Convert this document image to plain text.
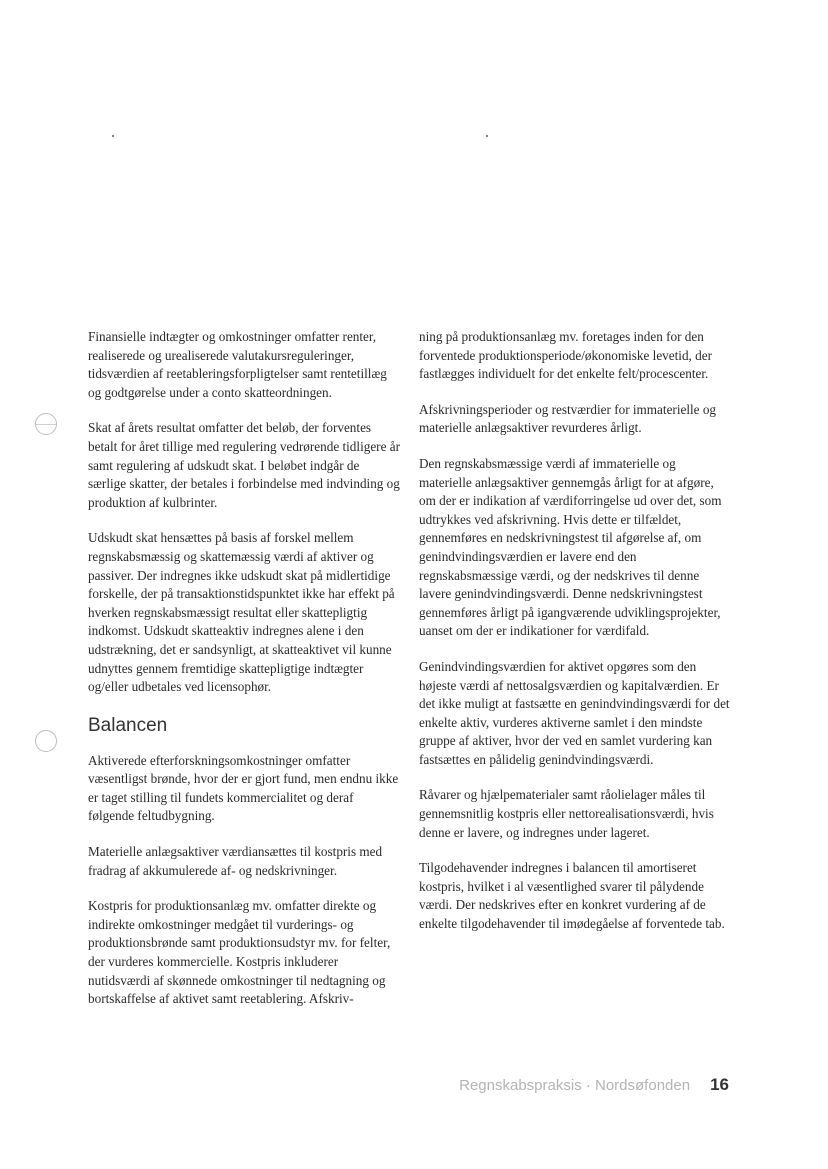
Finansielle indtægter og omkostninger omfatter renter, realiserede og urealiserede valutakursreguleringer, tidsværdien af reetableringsforpligtelser samt rentetillæg og godtgørelse under a conto skatteordningen.

Skat af årets resultat omfatter det beløb, der forventes betalt for året tillige med regulering vedrørende tidligere år samt regulering af udskudt skat. I beløbet indgår de særlige skatter, der betales i forbindelse med indvinding og produktion af kulbrinter.

Udskudt skat hensættes på basis af forskel mellem regnskabsmæssig og skattemæssig værdi af aktiver og passiver. Der indregnes ikke udskudt skat på midlertidige forskelle, der på transaktionstidspunktet ikke har effekt på hverken regnskabsmæssigt resultat eller skattepligtig indkomst. Udskudt skatteaktiv indregnes alene i den udstrækning, det er sandsynligt, at skatteaktivet vil kunne udnyttes gennem fremtidige skattepligtige indtægter og/eller udbetales ved licensophør.

Balancen

Aktiverede efterforskningsomkostninger omfatter væsentligst brønde, hvor der er gjort fund, men endnu ikke er taget stilling til fundets kommercialitet og deraf følgende feltudbygning.

Materielle anlægsaktiver værdiansættes til kostpris med fradrag af akkumulerede af- og nedskrivninger.

Kostpris for produktionsanlæg mv. omfatter direkte og indirekte omkostninger medgået til vurderings- og produktionsbrønde samt produktionsudstyr mv. for felter, der vurderes kommercielle. Kostpris inkluderer nutidsværdi af skønnede omkostninger til nedtagning og bortskaffelse af aktivet samt reetablering. Afskriv-

ning på produktionsanlæg mv. foretages inden for den forventede produktionsperiode/økonomiske levetid, der fastlægges individuelt for det enkelte felt/procescenter.

Afskrivningsperioder og restværdier for immaterielle og materielle anlægsaktiver revurderes årligt.

Den regnskabsmæssige værdi af immaterielle og materielle anlægsaktiver gennemgås årligt for at afgøre, om der er indikation af værdiforringelse ud over det, som udtrykkes ved afskrivning. Hvis dette er tilfældet, gennemføres en nedskrivningstest til afgørelse af, om genindvindingsværdien er lavere end den regnskabsmæssige værdi, og der nedskrives til denne lavere genindvindingsværdi. Denne nedskrivningstest gennemføres årligt på igangværende udviklingsprojekter, uanset om der er indikationer for værdifald.

Genindvindingsværdien for aktivet opgøres som den højeste værdi af nettosalgsværdien og kapitalværdien. Er det ikke muligt at fastsætte en genindvindingsværdi for det enkelte aktiv, vurderes aktiverne samlet i den mindste gruppe af aktiver, hvor der ved en samlet vurdering kan fastsættes en pålidelig genindvindingsværdi.

Råvarer og hjælpematerialer samt råolielager måles til gennemsnitlig kostpris eller nettorealisationsværdi, hvis denne er lavere, og indregnes under lageret.

Tilgodehavender indregnes i balancen til amortiseret kostpris, hvilket i al væsentlighed svarer til pålydende værdi. Der nedskrives efter en konkret vurdering af de enkelte tilgodehavender til imødegåelse af forventede tab.

Regnskabspraksis · Nordsøfonden 16
